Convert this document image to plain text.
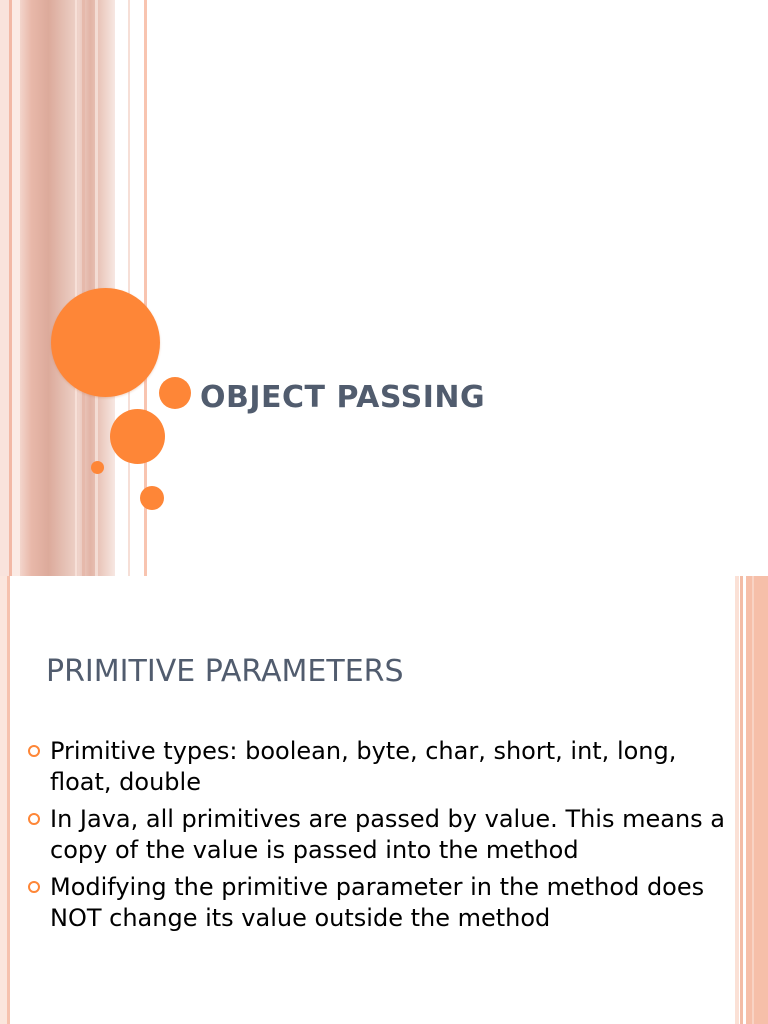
OBJECT PASSING
PRIMITIVE PARAMETERS
Primitive types: boolean, byte, char, short, int, long, float, double
In Java, all primitives are passed by value. This means a copy of the value is passed into the method
Modifying the primitive parameter in the method does NOT change its value outside the method
